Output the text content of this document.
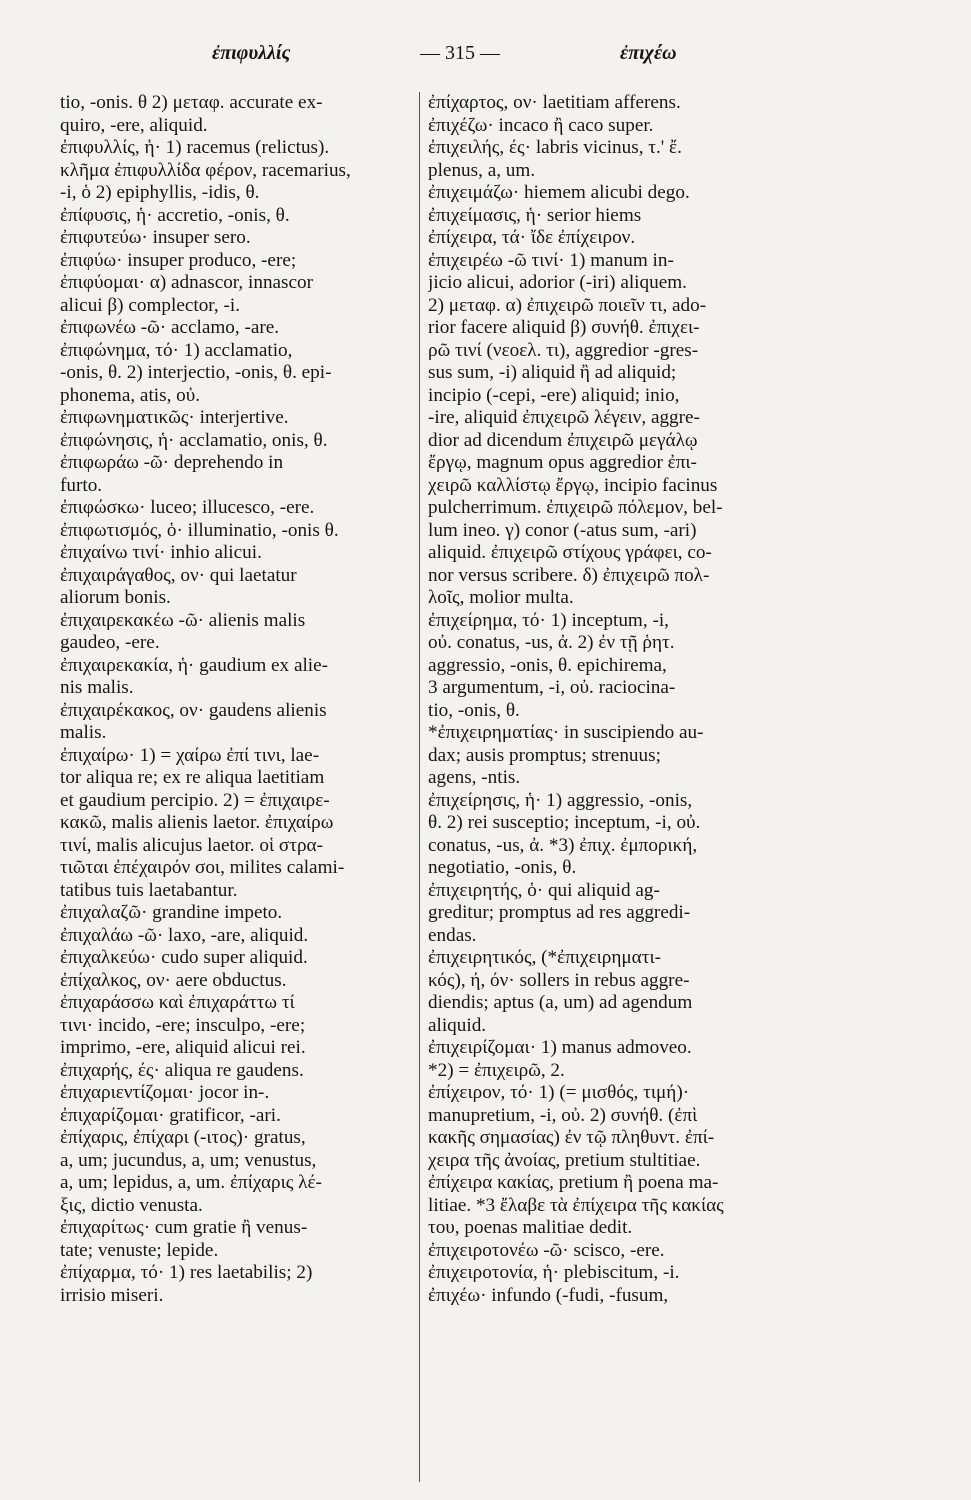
ἐπιφυλλίς	— 315 —	ἐπιχέω
tio, -onis. θ 2) μεταφ. accurate ex-
quiro, -ere, aliquid.
ἐπιφυλλίς, ἡ· 1) racemus (relictus).
κλῆμα ἐπιφυλλίδα φέρον, racemarius,
-i, ὁ 2) epiphyllis, -idis, θ.
ἐπίφυσις, ἡ· accretio, -onis, θ.
ἐπιφυτεύω· insuper sero.
ἐπιφύω· insuper produco, -ere;
ἐπιφύομαι· α) adnascor, innascor
alicui β) complector, -i.
ἐπιφωνέω -ῶ· acclamo, -are.
ἐπιφώνημα, τό· 1) acclamatio,
-onis, θ. 2) interjectio, -onis, θ. epi-
phonema, atis, οὐ.
ἐπιφωνηματικῶς· interjertive.
ἐπιφώνησις, ἡ· acclamatio, onis, θ.
ἐπιφωράω -ῶ· deprehendo in
furto.
ἐπιφώσκω· luceo; illucesco, -ere.
ἐπιφωτισμός, ὁ· illuminatio, -onis θ.
ἐπιχαίνω τινί· inhio alicui.
ἐπιχαιράγαθος, ον· qui laetatur
aliorum bonis.
ἐπιχαιρεκακέω -ῶ· alienis malis
gaudeo, -ere.
ἐπιχαιρεκακία, ἡ· gaudium ex alie-
nis malis.
ἐπιχαιρέκακος, ον· gaudens alienis
malis.
ἐπιχαίρω· 1) = χαίρω ἐπί τινι, lae-
tor aliqua re; ex re aliqua laetitiam
et gaudium percipio. 2) = ἐπιχαιρε-
κακῶ, malis alienis laetor. ἐπιχαίρω
τινί, malis alicujus laetor. οἱ στρα-
τιῶται ἐπέχαιρόν σοι, milites calami-
tatibus tuis laetabantur.
ἐπιχαλαζῶ· grandine impeto.
ἐπιχαλάω -ῶ· laxo, -are, aliquid.
ἐπιχαλκεύω· cudo super aliquid.
ἐπίχαλκος, ον· aere obductus.
ἐπιχαράσσω καὶ ἐπιχαράττω τί
τινι· incido, -ere; insculpo, -ere;
imprimo, -ere, aliquid alicui rei.
ἐπιχαρής, ές· aliqua re gaudens.
ἐπιχαριεντίζομαι· jocor in-.
ἐπιχαρίζομαι· gratificor, -ari.
ἐπίχαρις, ἐπίχαρι (-ιτος)· gratus,
a, um; jucundus, a, um; venustus,
a, um; lepidus, a, um. ἐπίχαρις λέ-
ξις, dictio venusta.
ἐπιχαρίτως· cum gratie ἢ venus-
tate; venuste; lepide.
ἐπίχαρμα, τό· 1) res laetabilis; 2)
irrisio miseri.
ἐπίχαρτος, ον· laetitiam afferens.
ἐπιχέζω· incaco ἢ caco super.
ἐπιχειλής, ές· labris vicinus, τ.' ἔ.
plenus, a, um.
ἐπιχειμάζω· hiemem alicubi dego.
ἐπιχείμασις, ἡ· serior hiems
ἐπίχειρα, τά· ἴδε ἐπίχειρον.
ἐπιχειρέω -ῶ τινί· 1) manum in-
jicio alicui, adorior (-iri) aliquem.
2) μεταφ. α) ἐπιχειρῶ ποιεῖν τι, ado-
rior facere aliquid β) συνήθ. ἐπιχει-
ρῶ τινί (νεοελ. τι), aggredior -gres-
sus sum, -i) aliquid ἢ ad aliquid;
incipio (-cepi, -ere) aliquid; inio,
-ire, aliquid ἐπιχειρῶ λέγειν, aggre-
dior ad dicendum ἐπιχειρῶ μεγάλῳ
ἔργῳ, magnum opus aggredior ἐπι-
χειρῶ καλλίστῳ ἔργῳ, incipio facinus
pulcherrimum. ἐπιχειρῶ πόλεμον, bel-
lum ineo. γ) conor (-atus sum, -ari)
aliquid. ἐπιχειρῶ στίχους γράφει, co-
nor versus scribere. δ) ἐπιχειρῶ πολ-
λοῖς, molior multa.
ἐπιχείρημα, τό· 1) inceptum, -i,
οὐ. conatus, -us, ἀ. 2) ἐν τῇ ῥητ.
aggressio, -onis, θ. epichirema,
3 argumentum, -i, οὐ. raciocina-
tio, -onis, θ.
*ἐπιχειρηματίας· in suscipiendo au-
dax; ausis promptus; strenuus;
agens, -ntis.
ἐπιχείρησις, ἡ· 1) aggressio, -onis,
θ. 2) rei susceptio; inceptum, -i, οὐ.
conatus, -us, ἀ. *3) ἐπιχ. ἐμπορική,
negotiatio, -onis, θ.
ἐπιχειρητής, ὁ· qui aliquid ag-
greditur; promptus ad res aggredi-
endas.
ἐπιχειρητικός, (*ἐπιχειρηματι-
κός), ή, όν· sollers in rebus aggre-
diendis; aptus (a, um) ad agendum
aliquid.
ἐπιχειρίζομαι· 1) manus admoveo.
*2) = ἐπιχειρῶ, 2.
ἐπίχειρον, τό· 1) (= μισθός, τιμή)·
manupretium, -i, οὐ. 2) συνήθ. (ἐπὶ
κακῆς σημασίας) ἐν τῷ πληθυντ. ἐπί-
χειρα τῆς ἀνοίας, pretium stultitiae.
ἐπίχειρα κακίας, pretium ἢ poena ma-
litiae. *3 ἔλαβε τὰ ἐπίχειρα τῆς κακίας
του, poenas malitiae dedit.
ἐπιχειροτονέω -ῶ· scisco, -ere.
ἐπιχειροτονία, ἡ· plebiscitum, -i.
ἐπιχέω· infundo (-fudi, -fusum,
